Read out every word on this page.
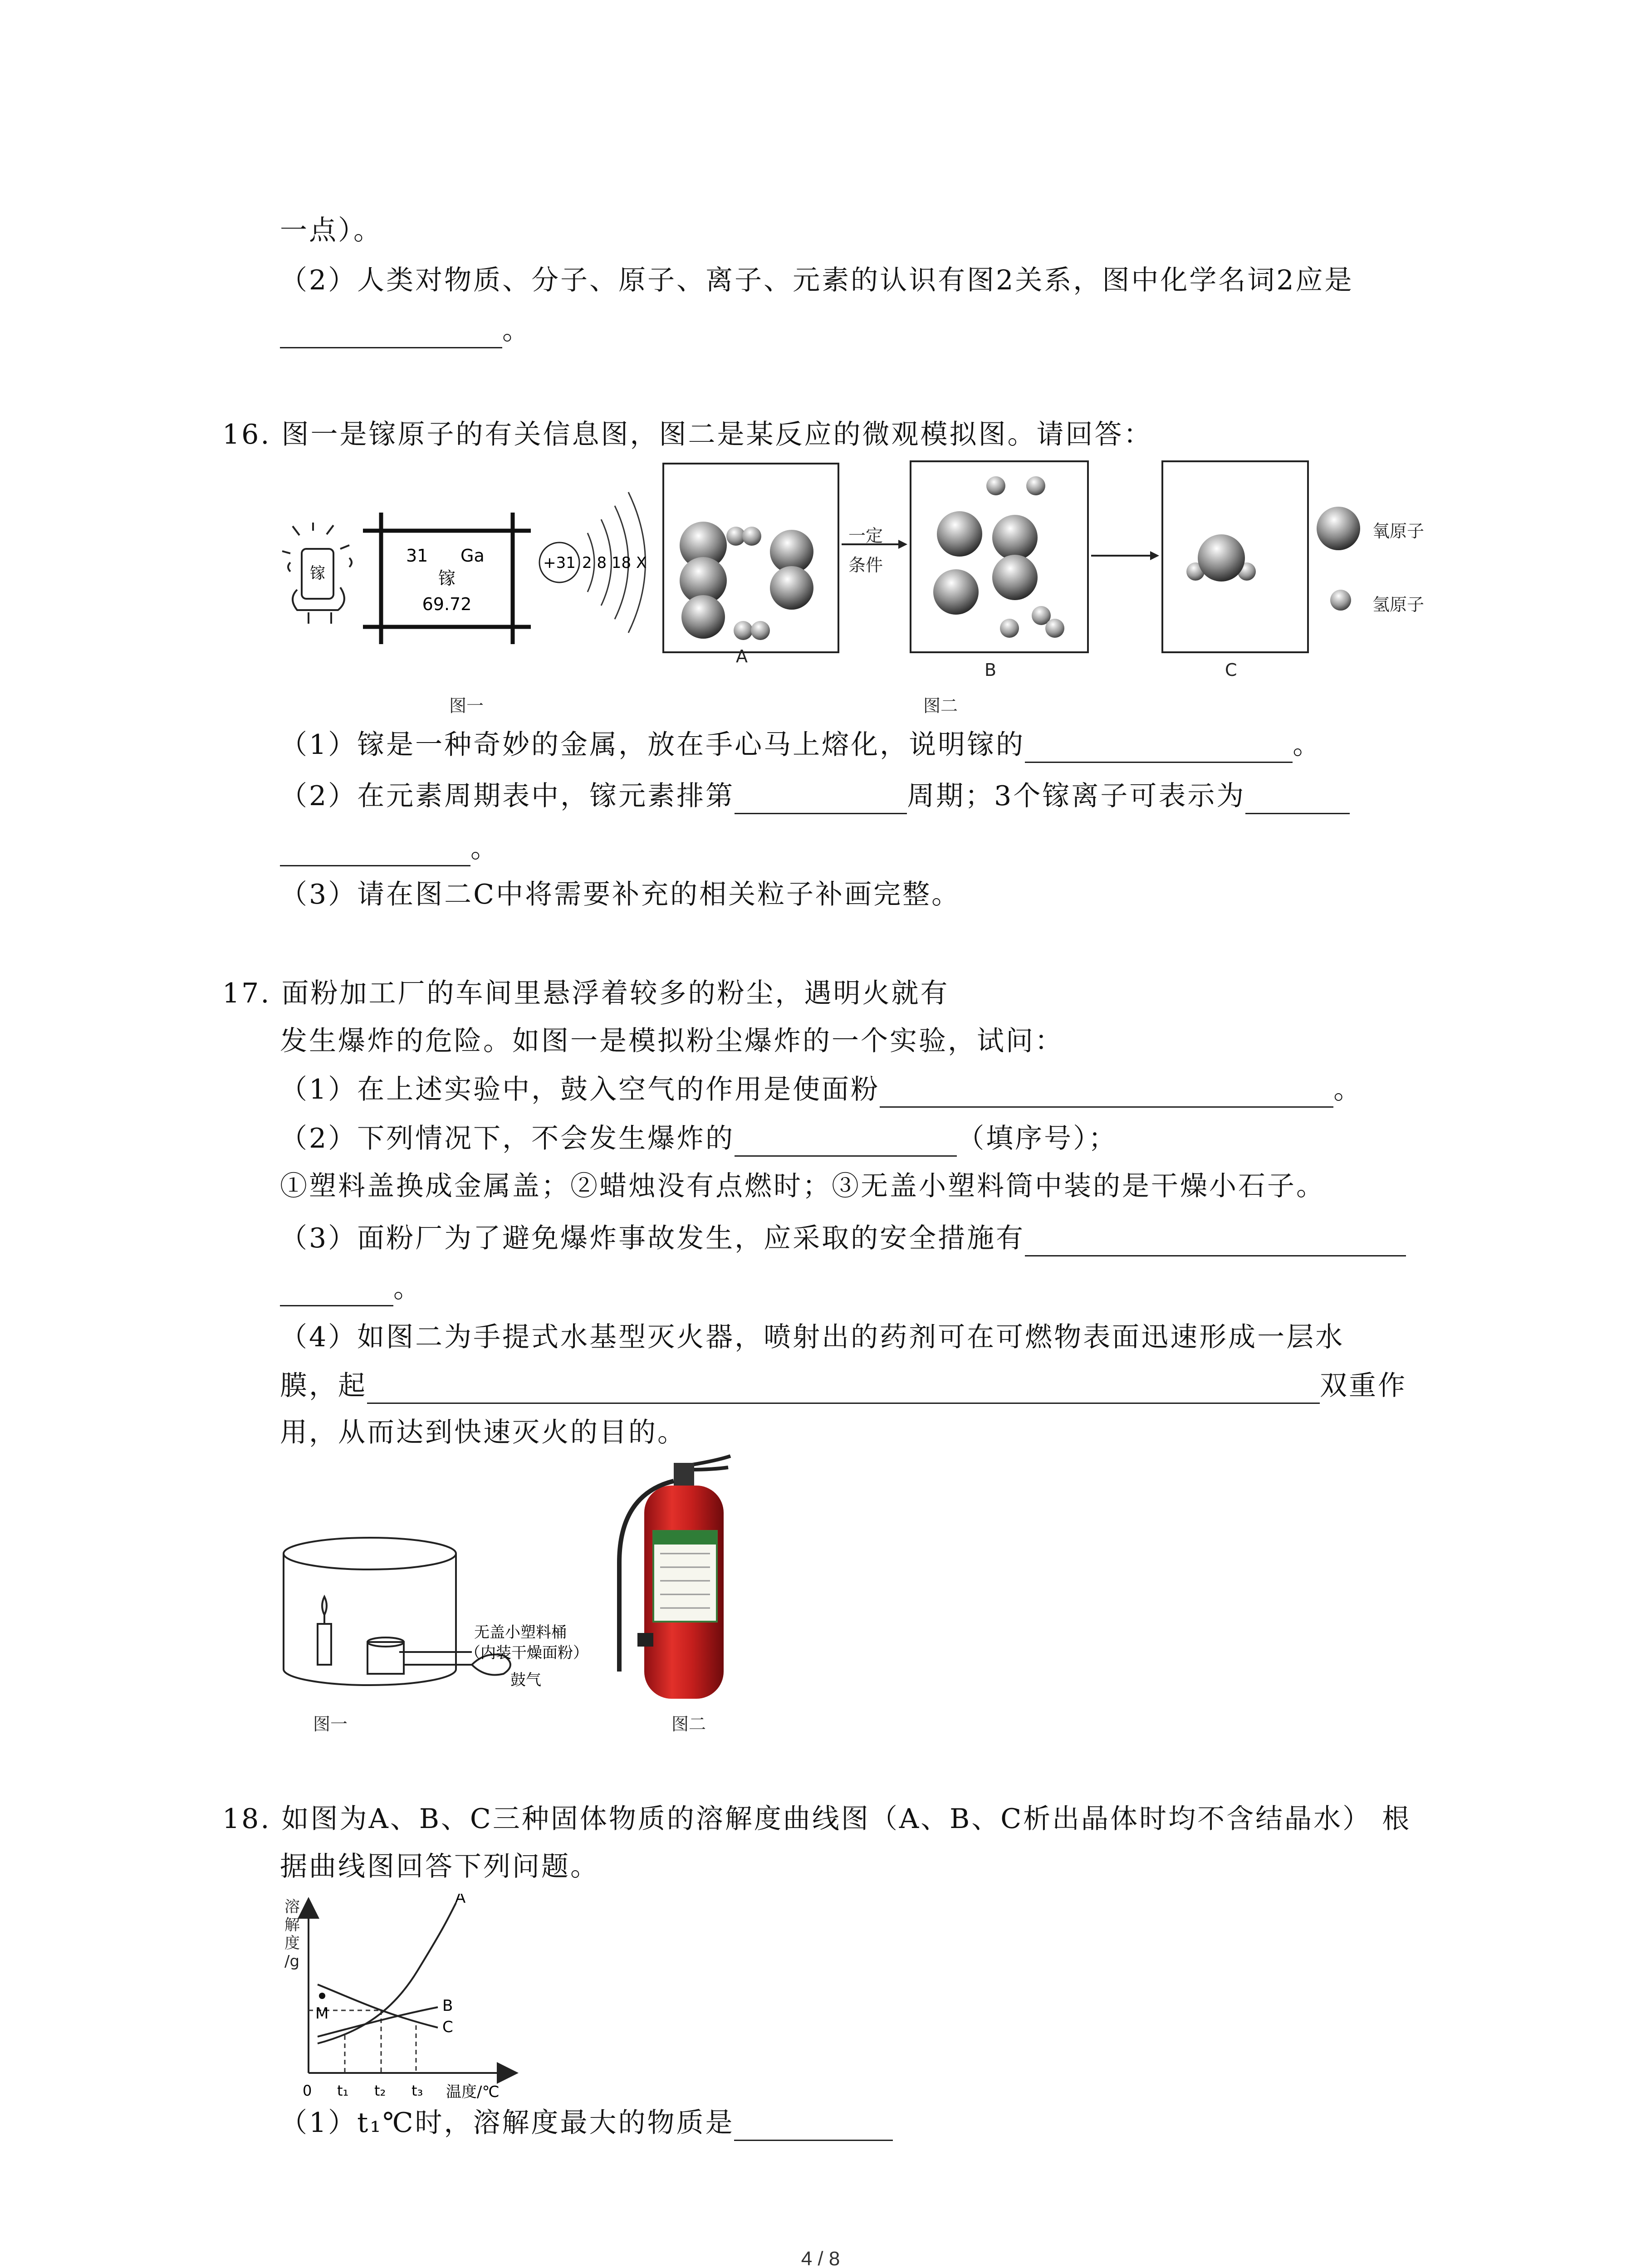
一点）。
（2）人类对物质、分子、原子、离子、元素的认识有图2关系，图中化学名词2应是
。
16. 图一是镓原子的有关信息图，图二是某反应的微观模拟图。请回答：
镓
31 Ga
镓
69.72
+31 2 8 18 X
A
一定
条件
B	C
氧原子
氢原子
图一	图二
（1）镓是一种奇妙的金属，放在手心马上熔化，说明镓的	。
（2）在元素周期表中，镓元素排第	周期；3个镓离子可表示为
。
（3）请在图二C中将需要补充的相关粒子补画完整。
17. 面粉加工厂的车间里悬浮着较多的粉尘，遇明火就有
发生爆炸的危险。如图一是模拟粉尘爆炸的一个实验，试问：
（1）在上述实验中，鼓入空气的作用是使面粉	。
（2）下列情况下，不会发生爆炸的	（填序号）；
①塑料盖换成金属盖；②蜡烛没有点燃时；③无盖小塑料筒中装的是干燥小石子。
（3）面粉厂为了避免爆炸事故发生，应采取的安全措施有
。
（4）如图二为手提式水基型灭火器，喷射出的药剂可在可燃物表面迅速形成一层水
膜，起	双重作
用，从而达到快速灭火的目的。
无盖小塑料桶
（内装干燥面粉）
鼓气
图一	图二
18. 如图为A、B、C三种固体物质的溶解度曲线图（A、B、C析出晶体时均不含结晶水） 根
据曲线图回答下列问题。
溶
解
度
/g
温度/℃
0 t₁ t₂ t₃
A
B
C
M
（1）t₁℃时，溶解度最大的物质是
4 / 8
